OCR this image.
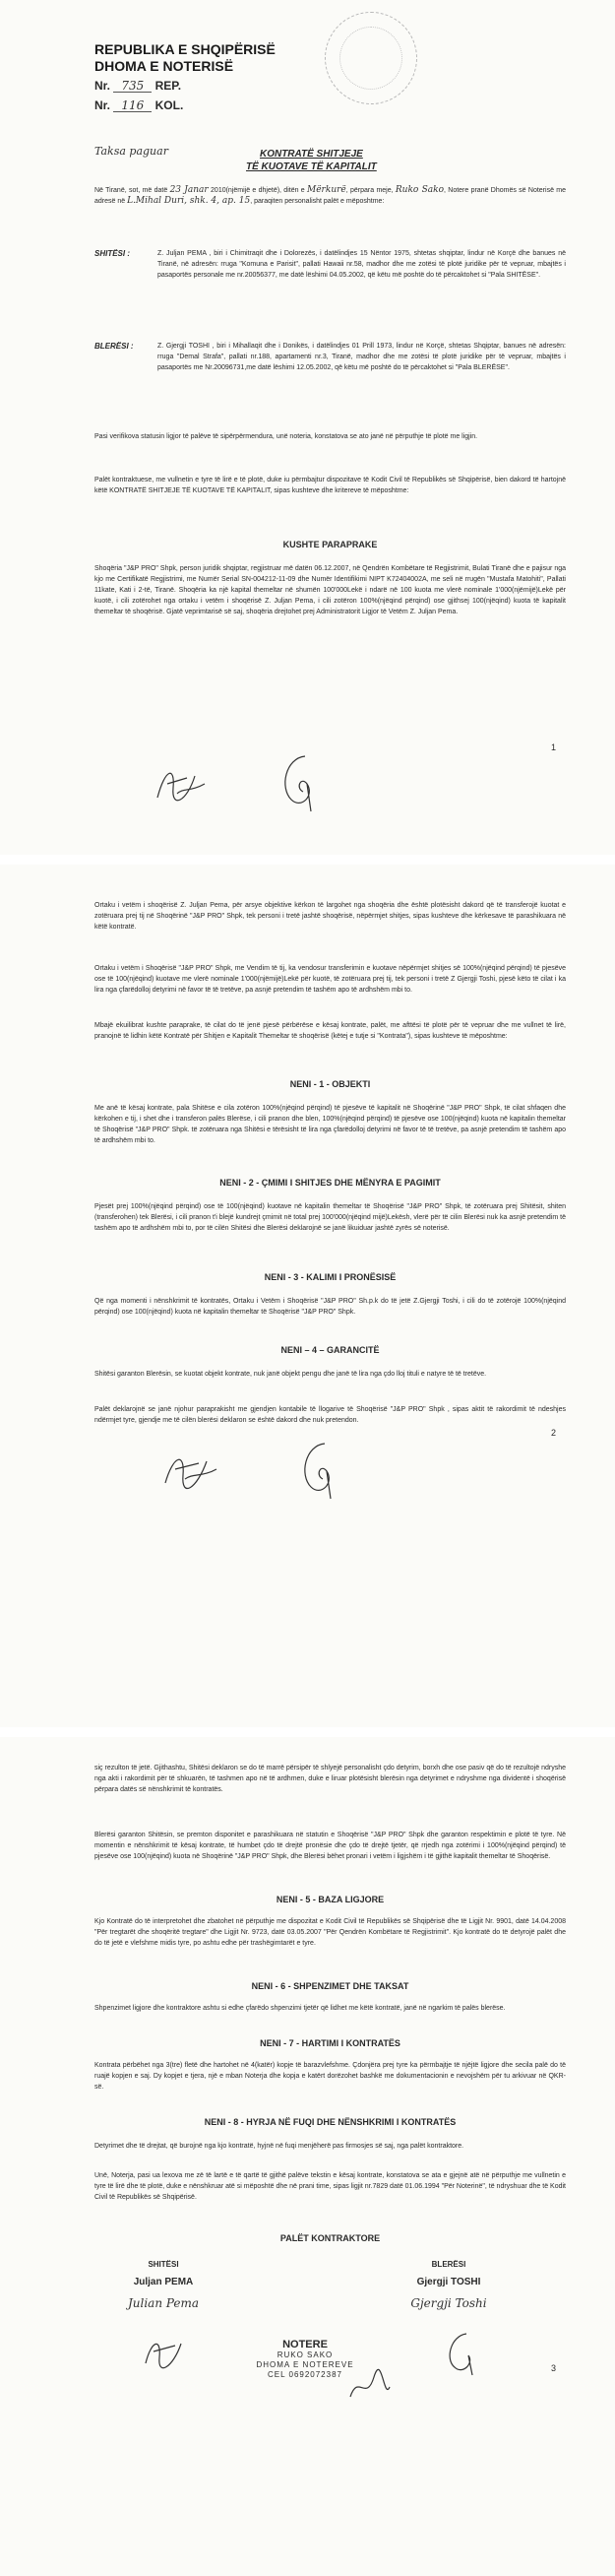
REPUBLIKA E SHQIPËRISË
DHOMA E NOTERISË
Nr. 735 REP.
Nr. 116 KOL.
Taksa paguar	KONTRATË SHITJEJE
TË KUOTAVE TË KAPITALIT
Në Tiranë, sot, më datë 23 Janar 2010(njëmijë e dhjetë), ditën e Mërkurë, përpara meje, Ruko Sako, Notere pranë Dhomës së Noterisë me adresë në L.Mihal Duri, shk. 4, ap. 15, paraqiten personalisht palët e mëposhtme:
SHITËSI :	Z. Juljan PEMA , biri i Chimitraqit dhe i Dolorezës, i datëlindjes 15 Nëntor 1975, shtetas shqiptar, lindur në Korçë dhe banues në Tiranë, në adresën: rruga "Komuna e Parisit", pallati Hawaii nr.58, madhor dhe me zotësi të plotë juridike për të vepruar, mbajtës i pasaportës personale me nr.20056377, me datë lëshimi 04.05.2002, që këtu më poshtë do të përcaktohet si "Pala SHITËSE".
BLERËSI :	Z. Gjergji TOSHI , biri i Mihallaqit dhe i Donikës, i datëlindjes 01 Prill 1973, lindur në Korçë, shtetas Shqiptar, banues në adresën: rruga "Demal Strafa", pallati nr.188, apartamenti nr.3, Tiranë, madhor dhe me zotësi të plotë juridike për të vepruar, mbajtës i pasaportës me Nr.20096731,me datë lëshimi 12.05.2002, që këtu më poshtë do të përcaktohet si "Pala BLERËSE".
Pasi verifikova statusin ligjor të palëve të sipërpërmendura, unë noteria, konstatova se ato janë në përputhje të plotë me ligjin.
Palët kontraktuese, me vullnetin e tyre të lirë e të plotë, duke iu përmbajtur dispozitave të Kodit Civil të Republikës së Shqipërisë, bien dakord të hartojnë këtë KONTRATË SHITJEJE TË KUOTAVE TË KAPITALIT, sipas kushteve dhe kritereve të mëposhtme:
KUSHTE PARAPRAKE
Shoqëria "J&P PRO" Shpk, person juridik shqiptar, regjistruar më datën 06.12.2007, në Qendrën Kombëtare të Regjistrimit, Bulati Tiranë dhe e pajisur nga kjo me Certifikatë Regjistrimi, me Numër Serial SN-004212-11-09 dhe Numër Identifikimi NIPT K72404002A, me seli në rrugën "Mustafa Matohiti", Pallati 11kate, Kati i 2-të, Tiranë. Shoqëria ka një kapital themeltar në shumën 100'000Lekë i ndarë në 100 kuota me vlerë nominale 1'000(njëmijë)Lekë për kuotë, i cili zotërohet nga ortaku i vetëm i shoqërisë Z. Juljan Pema, i cili zotëron 100%(njëqind përqind) ose gjithsej 100(njëqind) kuota të kapitalit themeltar të shoqërisë. Gjatë veprimtarisë së saj, shoqëria drejtohet prej Administratorit Ligjor të Vetëm Z. Juljan Pema.
1
Ortaku i vetëm i shoqërisë Z. Juljan Pema, për arsye objektive kërkon të largohet nga shoqëria dhe është plotësisht dakord që të transferojë kuotat e zotëruara prej tij në Shoqërinë "J&P PRO" Shpk, tek personi i tretë jashtë shoqërisë, nëpërmjet shitjes, sipas kushteve dhe kërkesave të parashikuara në këtë kontratë.
Ortaku i vetëm i Shoqërisë "J&P PRO" Shpk, me Vendim të tij, ka vendosur transferimin e kuotave nëpërmjet shitjes së 100%(njëqind përqind) të pjesëve ose të 100(njëqind) kuotave me vlerë nominale 1'000(njëmijë)Lekë për kuotë, të zotëruara prej tij, tek personi i tretë Z Gjergji Toshi, pjesë këto të cilat i ka lira nga çfarëdolloj detyrimi në favor të të tretëve, pa asnjë pretendim të tashëm apo të ardhshëm mbi to.
Mbajë ekuilibrat kushte paraprake, të cilat do të jenë pjesë përbërëse e kësaj kontrate, palët, me afttësi të plotë për të vepruar dhe me vullnet të lirë, pranojnë të lidhin këtë Kontratë për Shitjen e Kapitalit Themeltar të shoqërisë (këtej e tutje si "Kontrata"), sipas kushteve të mëposhtme:
NENI - 1 - OBJEKTI
Me anë të kësaj kontrate, pala Shitëse e cila zotëron 100%(njëqind përqind) të pjesëve të kapitalit në Shoqërinë "J&P PRO" Shpk, të cilat shfaqen dhe kërkohen e tij, i shet dhe i transferon palës Blerëse, i cili pranon dhe blen, 100%(njëqind përqind) të pjesëve ose 100(njëqind) kuota në kapitalin themeltar të Shoqërisë "J&P PRO" Shpk. të zotëruara nga Shitësi e tërësisht të lira nga çfarëdolloj detyrimi në favor të të tretëve, pa asnjë pretendim të tashëm apo të ardhshëm mbi to.
NENI - 2 - ÇMIMI I SHITJES DHE MËNYRA E PAGIMIT
Pjesët prej 100%(njëqind përqind) ose të 100(njëqind) kuotave në kapitalin themeltar të Shoqërisë "J&P PRO" Shpk, të zotëruara prej Shitësit, shiten (transferohen) tek Blerësi, i cili pranon t'i blejë kundrejt çmimit në total prej 100'000(njëqind mijë)Lekësh, vlerë për të cilin Blerësi nuk ka asnjë pretendim të tashëm apo të ardhshëm mbi to, por të cilën Shitësi dhe Blerësi deklarojnë se janë likuiduar jashtë zyrës së noterisë.
NENI - 3 - KALIMI I PRONËSISË
Që nga momenti i nënshkrimit të kontratës, Ortaku i Vetëm i Shoqërisë "J&P PRO" Sh.p.k do të jetë Z.Gjergji Toshi, i cili do të zotërojë 100%(njëqind përqind) ose 100(njëqind) kuota në kapitalin themeltar të Shoqërisë "J&P PRO" Shpk.
NENI – 4 – GARANCITË
Shitësi garanton Blerësin, se kuotat objekt kontrate, nuk janë objekt pengu dhe janë të lira nga çdo lloj tituli e natyre të të tretëve.
Palët deklarojnë se janë njohur paraprakisht me gjendjen kontabile të llogarive të Shoqërisë "J&P PRO" Shpk , sipas aktit të rakordimit të ndeshjes ndërmjet tyre, gjendje me të cilën blerësi deklaron se është dakord dhe nuk pretendon.
2
siç rezulton të jetë. Gjithashtu, Shitësi deklaron se do të marrë përsipër të shlyejë personalisht çdo detyrim, borxh dhe ose pasiv që do të rezultojë ndryshe nga akti i rakordimit për të shkuarën, të tashmen apo në të ardhmen, duke e liruar plotësisht blerësin nga detyrimet e ndryshme nga dividentë i shoqërisë përpara datës së nënshkrimit të kontratës.
Blerësi garanton Shitësin, se premton disponitet e parashikuara në statutin e Shoqërisë "J&P PRO" Shpk dhe garanton respektimin e plotë të tyre. Në momentin e nënshkrimit të kësaj kontrate, të humbet çdo të drejtë pronësie dhe çdo të drejtë tjetër, që rrjedh nga zotërimi i 100%(njëqind përqind) të pjesëve ose 100(njëqind) kuota në Shoqërinë "J&P PRO" Shpk, dhe Blerësi bëhet pronari i vetëm i ligjshëm i të gjithë kapitalit themeltar të Shoqërisë.
NENI - 5 - BAZA LIGJORE
Kjo Kontratë do të interpretohet dhe zbatohet në përputhje me dispozitat e Kodit Civil të Republikës së Shqipërisë dhe të Ligjit Nr. 9901, datë 14.04.2008 "Për tregtarët dhe shoqëritë tregtare" dhe Ligjit Nr. 9723, datë 03.05.2007 "Për Qendrën Kombëtare të Regjistrimit". Kjo kontratë do të detyrojë palët dhe do të jetë e vlefshme midis tyre, po ashtu edhe për trashëgimtarët e tyre.
NENI - 6 - SHPENZIMET DHE TAKSAT
Shpenzimet ligjore dhe kontraktore ashtu si edhe çfarëdo shpenzimi tjetër që lidhet me këtë kontratë, janë në ngarkim të palës blerëse.
NENI - 7 - HARTIMI I KONTRATËS
Kontrata përbëhet nga 3(tre) fletë dhe hartohet në 4(katër) kopje të barazvlefshme. Çdonjëra prej tyre ka përmbajtje të njëjtë ligjore dhe secila palë do të ruajë kopjen e saj. Dy kopjet e tjera, një e mban Noterja dhe kopja e katërt dorëzohet bashkë me dokumentacionin e nevojshëm për tu arkivuar në QKR-së.
NENI - 8 - HYRJA NË FUQI DHE NËNSHKRIMI I KONTRATËS
Detyrimet dhe të drejtat, që burojnë nga kjo kontratë, hyjnë në fuqi menjëherë pas firmosjes së saj, nga palët kontraktore.
Unë, Noterja, pasi ua lexova me zë të lartë e të qartë të gjithë palëve tekstin e kësaj kontrate, konstatova se ata e gjejnë atë në përputhje me vullnetin e tyre të lirë dhe të plotë, duke e nënshkruar atë si mëposhtë dhe në prani time, sipas ligjit nr.7829 datë 01.06.1994 "Për Noterinë", të ndryshuar dhe të Kodit Civil të Republikës së Shqipërisë.
PALËT KONTRAKTORE
SHITËSI
Juljan PEMA
Julian Pema
BLERËSI
Gjergji TOSHI
Gjergji Toshi
NOTERE
RUKO SAKO
DHOMA E NOTEREVE
CEL 0692072387
3
